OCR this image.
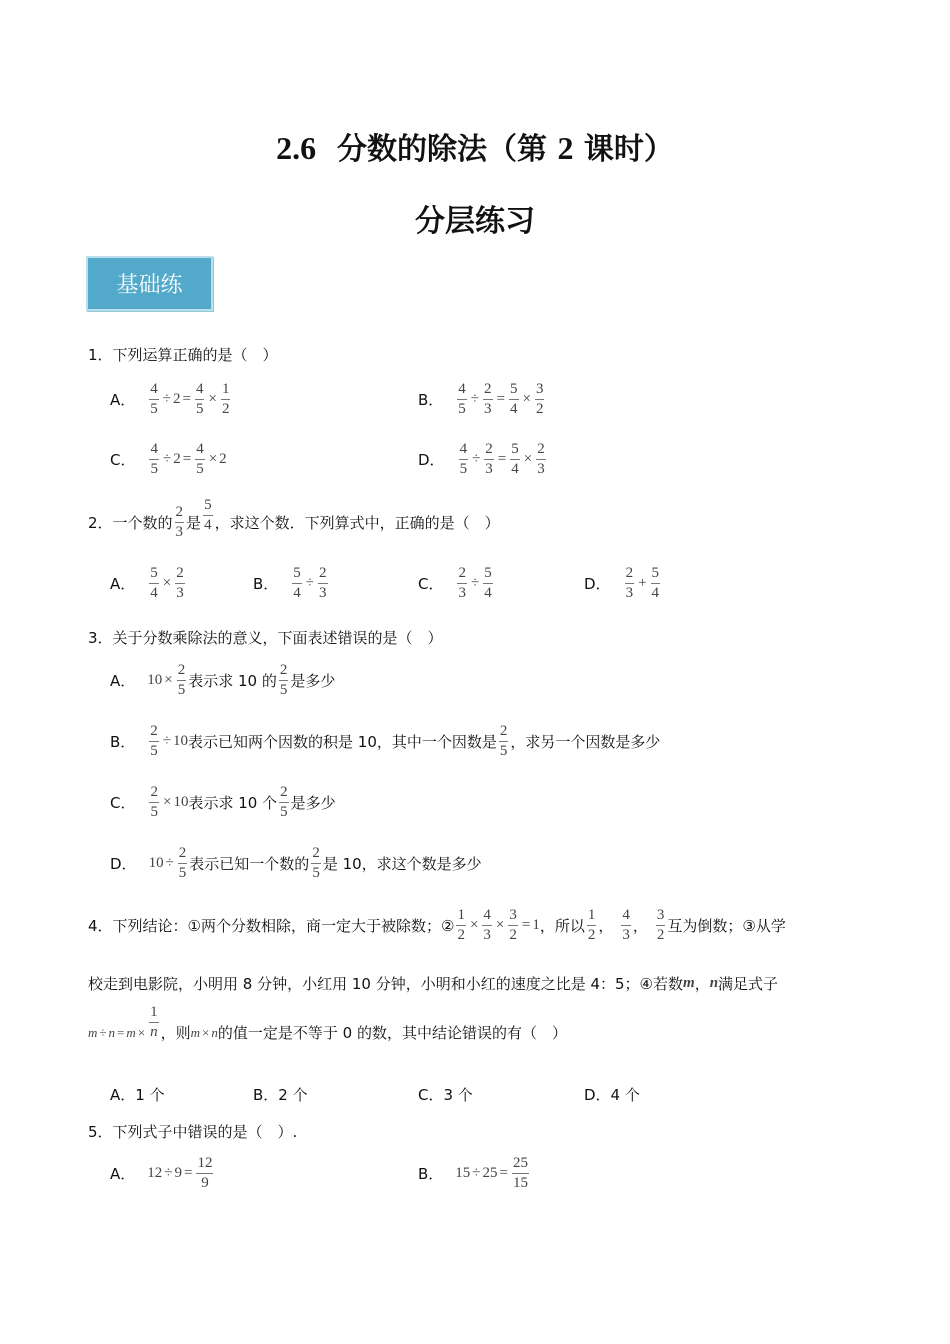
2.6 分数的除法（第 2 课时）
分层练习
基础练
1．下列运算正确的是（　）
A． $\frac{4}{5} \div 2 = \frac{4}{5} \times \frac{1}{2}$	B． $\frac{4}{5} \div \frac{2}{3} = \frac{5}{4} \times \frac{3}{2}$
C． $\frac{4}{5} \div 2 = \frac{4}{5} \times 2$	D． $\frac{4}{5} \div \frac{2}{3} = \frac{5}{4} \times \frac{2}{3}$
2．一个数的
2
3 是
5
4 ，求这个数．下列算式中，正确的是（　）
A． $\frac{5}{4} \times \frac{2}{3}$	B． $\frac{5}{4} \div \frac{2}{3}$	C． $\frac{2}{3} \div \frac{5}{4}$	D．
2
3
+ $\frac{5}{4}$
3．关于分数乘除法的意义，下面表述错误的是（　）
A． $10 \times \frac{2}{5}$ 表示求 10 的
2
5 是多少
B． $\frac{2}{5} \div 10$ 表示已知两个因数的积是 10，其中一个因数是
2
5 ，求另一个因数是多少
C． $\frac{2}{5} \times 10$ 表示求 10 个
2
5 是多少
D． $10 \div \frac{2}{5}$ 表示已知一个数的
2
5 是 10，求这个数是多少
4．下列结论：①两个分数相除，商一定大于被除数；② $\frac{1}{2} \times \frac{4}{3} \times \frac{3}{2} = 1$ ，所以
1
2 ，
4
3 ，
3
2 互为倒数；③从学
校走到电影院，小明用 8 分钟，小红用 10 分钟，小明和小红的速度之比是 4：5；④若数 m ， n 满足式子
$m \div n = m \times \frac{1}{n}$ ，则 m × n 的值一定是不等于 0 的数，其中结论错误的有（　）
A．1 个	B．2 个	C．3 个	D．4 个
5．下列式子中错误的是（　）.
A． $12 \div 9 = \frac{12}{9}$	B． $15 \div 25 = \frac{25}{15}$
